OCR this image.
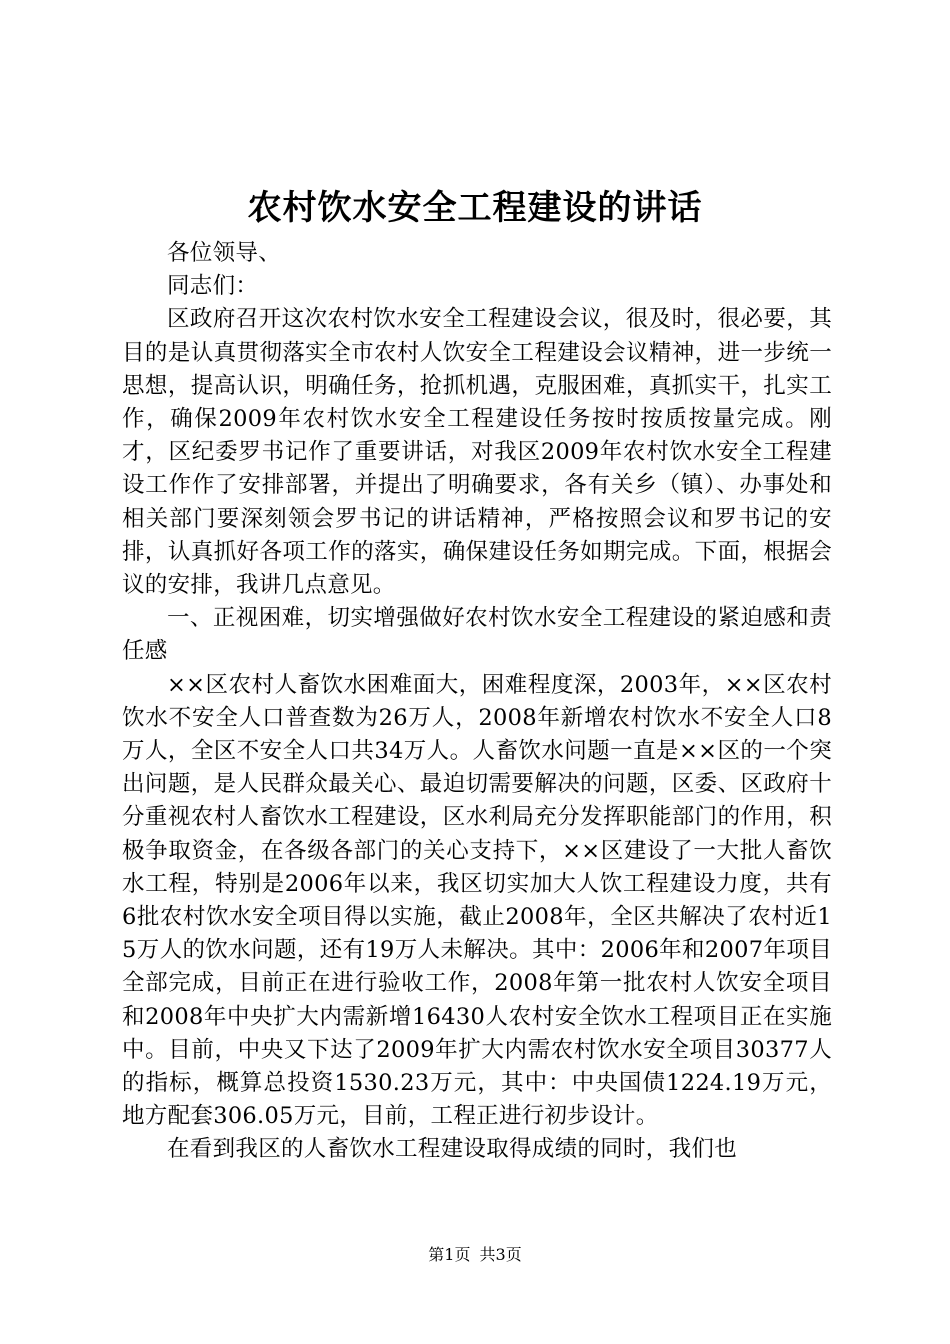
农村饮水安全工程建设的讲话

各位领导、

同志们：

区政府召开这次农村饮水安全工程建设会议，很及时，很必要，其目的是认真贯彻落实全市农村人饮安全工程建设会议精神，进一步统一思想，提高认识，明确任务，抢抓机遇，克服困难，真抓实干，扎实工作，确保2009年农村饮水安全工程建设任务按时按质按量完成。刚才，区纪委罗书记作了重要讲话，对我区2009年农村饮水安全工程建设工作作了安排部署，并提出了明确要求，各有关乡（镇）、办事处和相关部门要深刻领会罗书记的讲话精神，严格按照会议和罗书记的安排，认真抓好各项工作的落实，确保建设任务如期完成。下面，根据会议的安排，我讲几点意见。

一、正视困难，切实增强做好农村饮水安全工程建设的紧迫感和责任感

××区农村人畜饮水困难面大，困难程度深，2003年，××区农村饮水不安全人口普查数为26万人，2008年新增农村饮水不安全人口8万人，全区不安全人口共34万人。人畜饮水问题一直是××区的一个突出问题，是人民群众最关心、最迫切需要解决的问题，区委、区政府十分重视农村人畜饮水工程建设，区水利局充分发挥职能部门的作用，积极争取资金，在各级各部门的关心支持下，××区建设了一大批人畜饮水工程，特别是2006年以来，我区切实加大人饮工程建设力度，共有6批农村饮水安全项目得以实施，截止2008年，全区共解决了农村近15万人的饮水问题，还有19万人未解决。其中：2006年和2007年项目全部完成，目前正在进行验收工作，2008年第一批农村人饮安全项目和2008年中央扩大内需新增16430人农村安全饮水工程项目正在实施中。目前，中央又下达了2009年扩大内需农村饮水安全项目30377人的指标，概算总投资1530.23万元，其中：中央国债1224.19万元，地方配套306.05万元，目前，工程正进行初步设计。

在看到我区的人畜饮水工程建设取得成绩的同时，我们也

第1页 共3页
